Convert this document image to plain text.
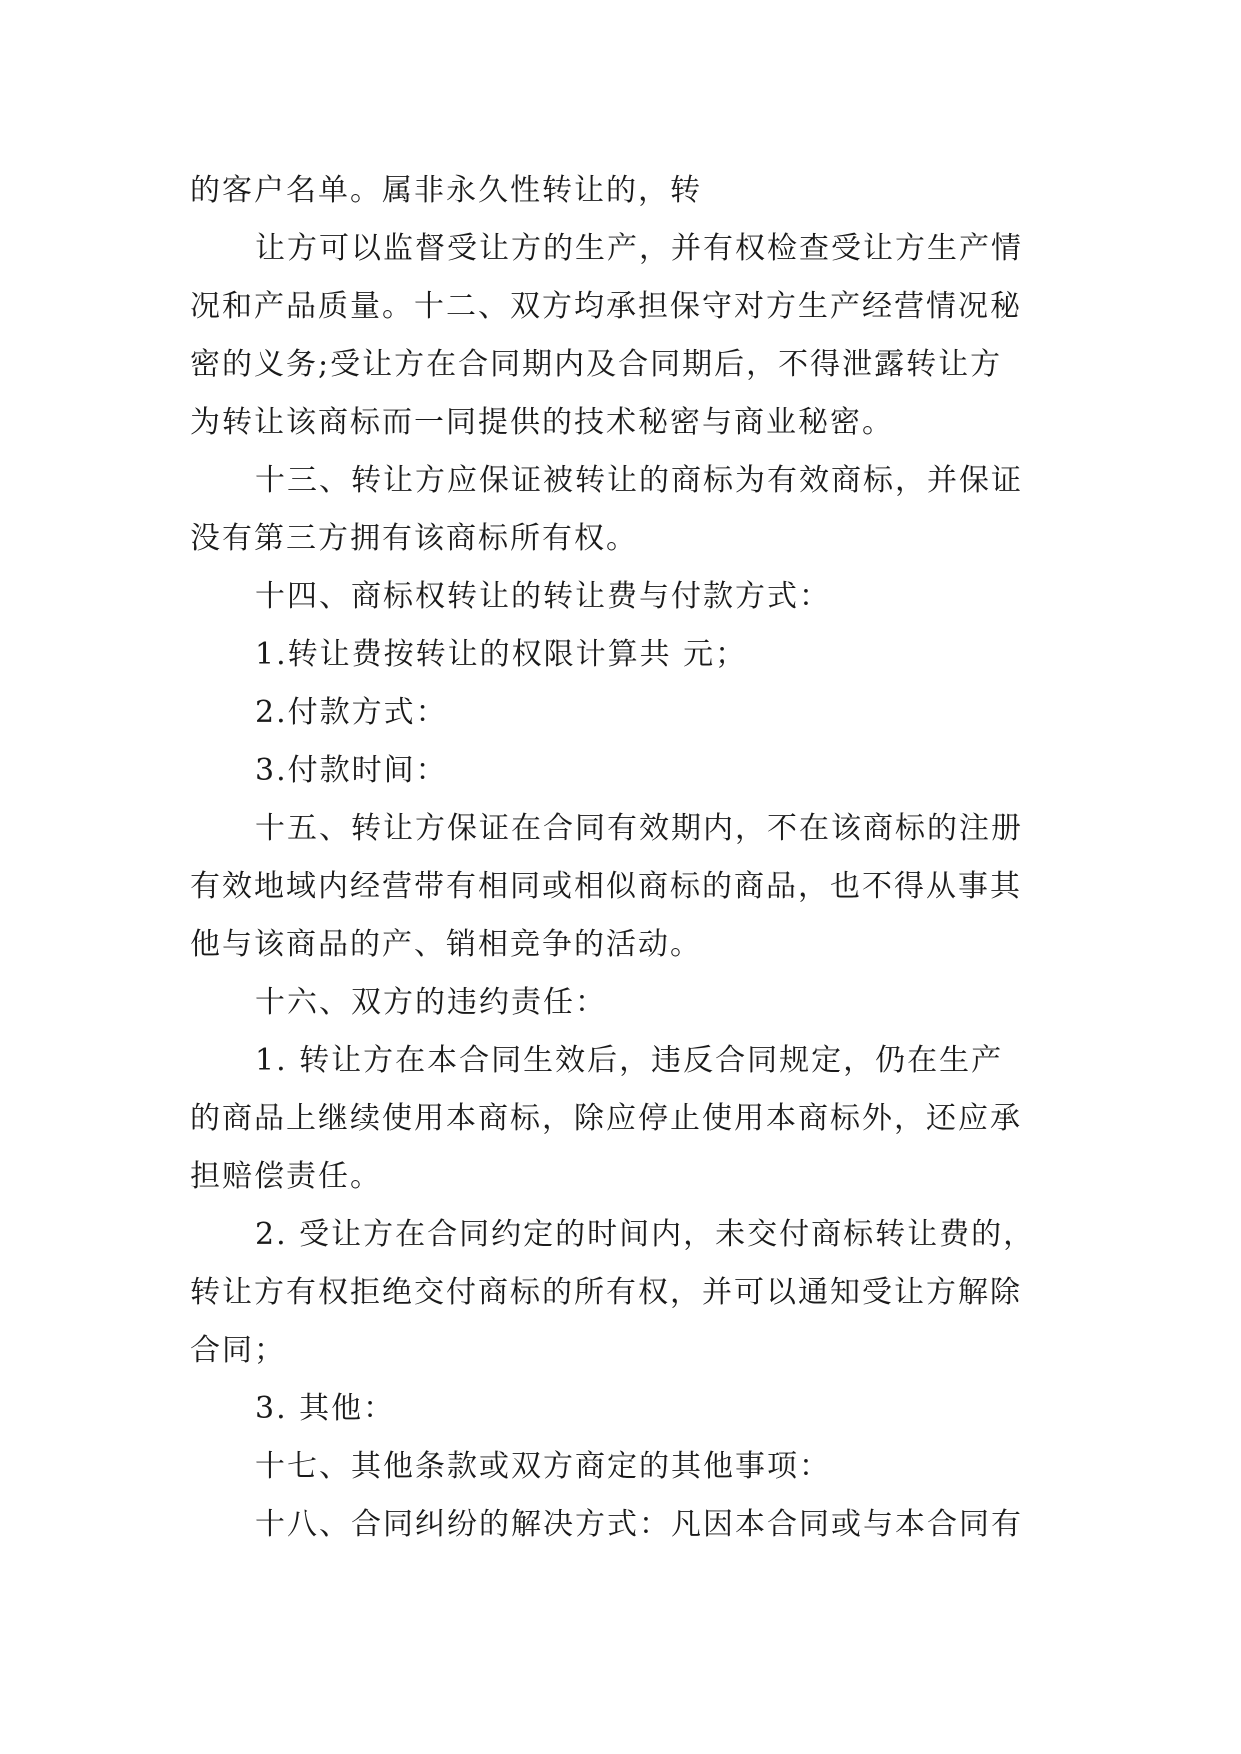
的客户名单。属非永久性转让的，转
让方可以监督受让方的生产，并有权检查受让方生产情
况和产品质量。十二、双方均承担保守对方生产经营情况秘
密的义务;受让方在合同期内及合同期后，不得泄露转让方
为转让该商标而一同提供的技术秘密与商业秘密。
十三、转让方应保证被转让的商标为有效商标，并保证
没有第三方拥有该商标所有权。
十四、商标权转让的转让费与付款方式：
1.转让费按转让的权限计算共 元；
2.付款方式：
3.付款时间：
十五、转让方保证在合同有效期内，不在该商标的注册
有效地域内经营带有相同或相似商标的商品，也不得从事其
他与该商品的产、销相竞争的活动。
十六、双方的违约责任：
1. 转让方在本合同生效后，违反合同规定，仍在生产
的商品上继续使用本商标，除应停止使用本商标外，还应承
担赔偿责任。
2. 受让方在合同约定的时间内，未交付商标转让费的，
转让方有权拒绝交付商标的所有权，并可以通知受让方解除
合同；
3. 其他：
十七、其他条款或双方商定的其他事项：
十八、合同纠纷的解决方式：凡因本合同或与本合同有
